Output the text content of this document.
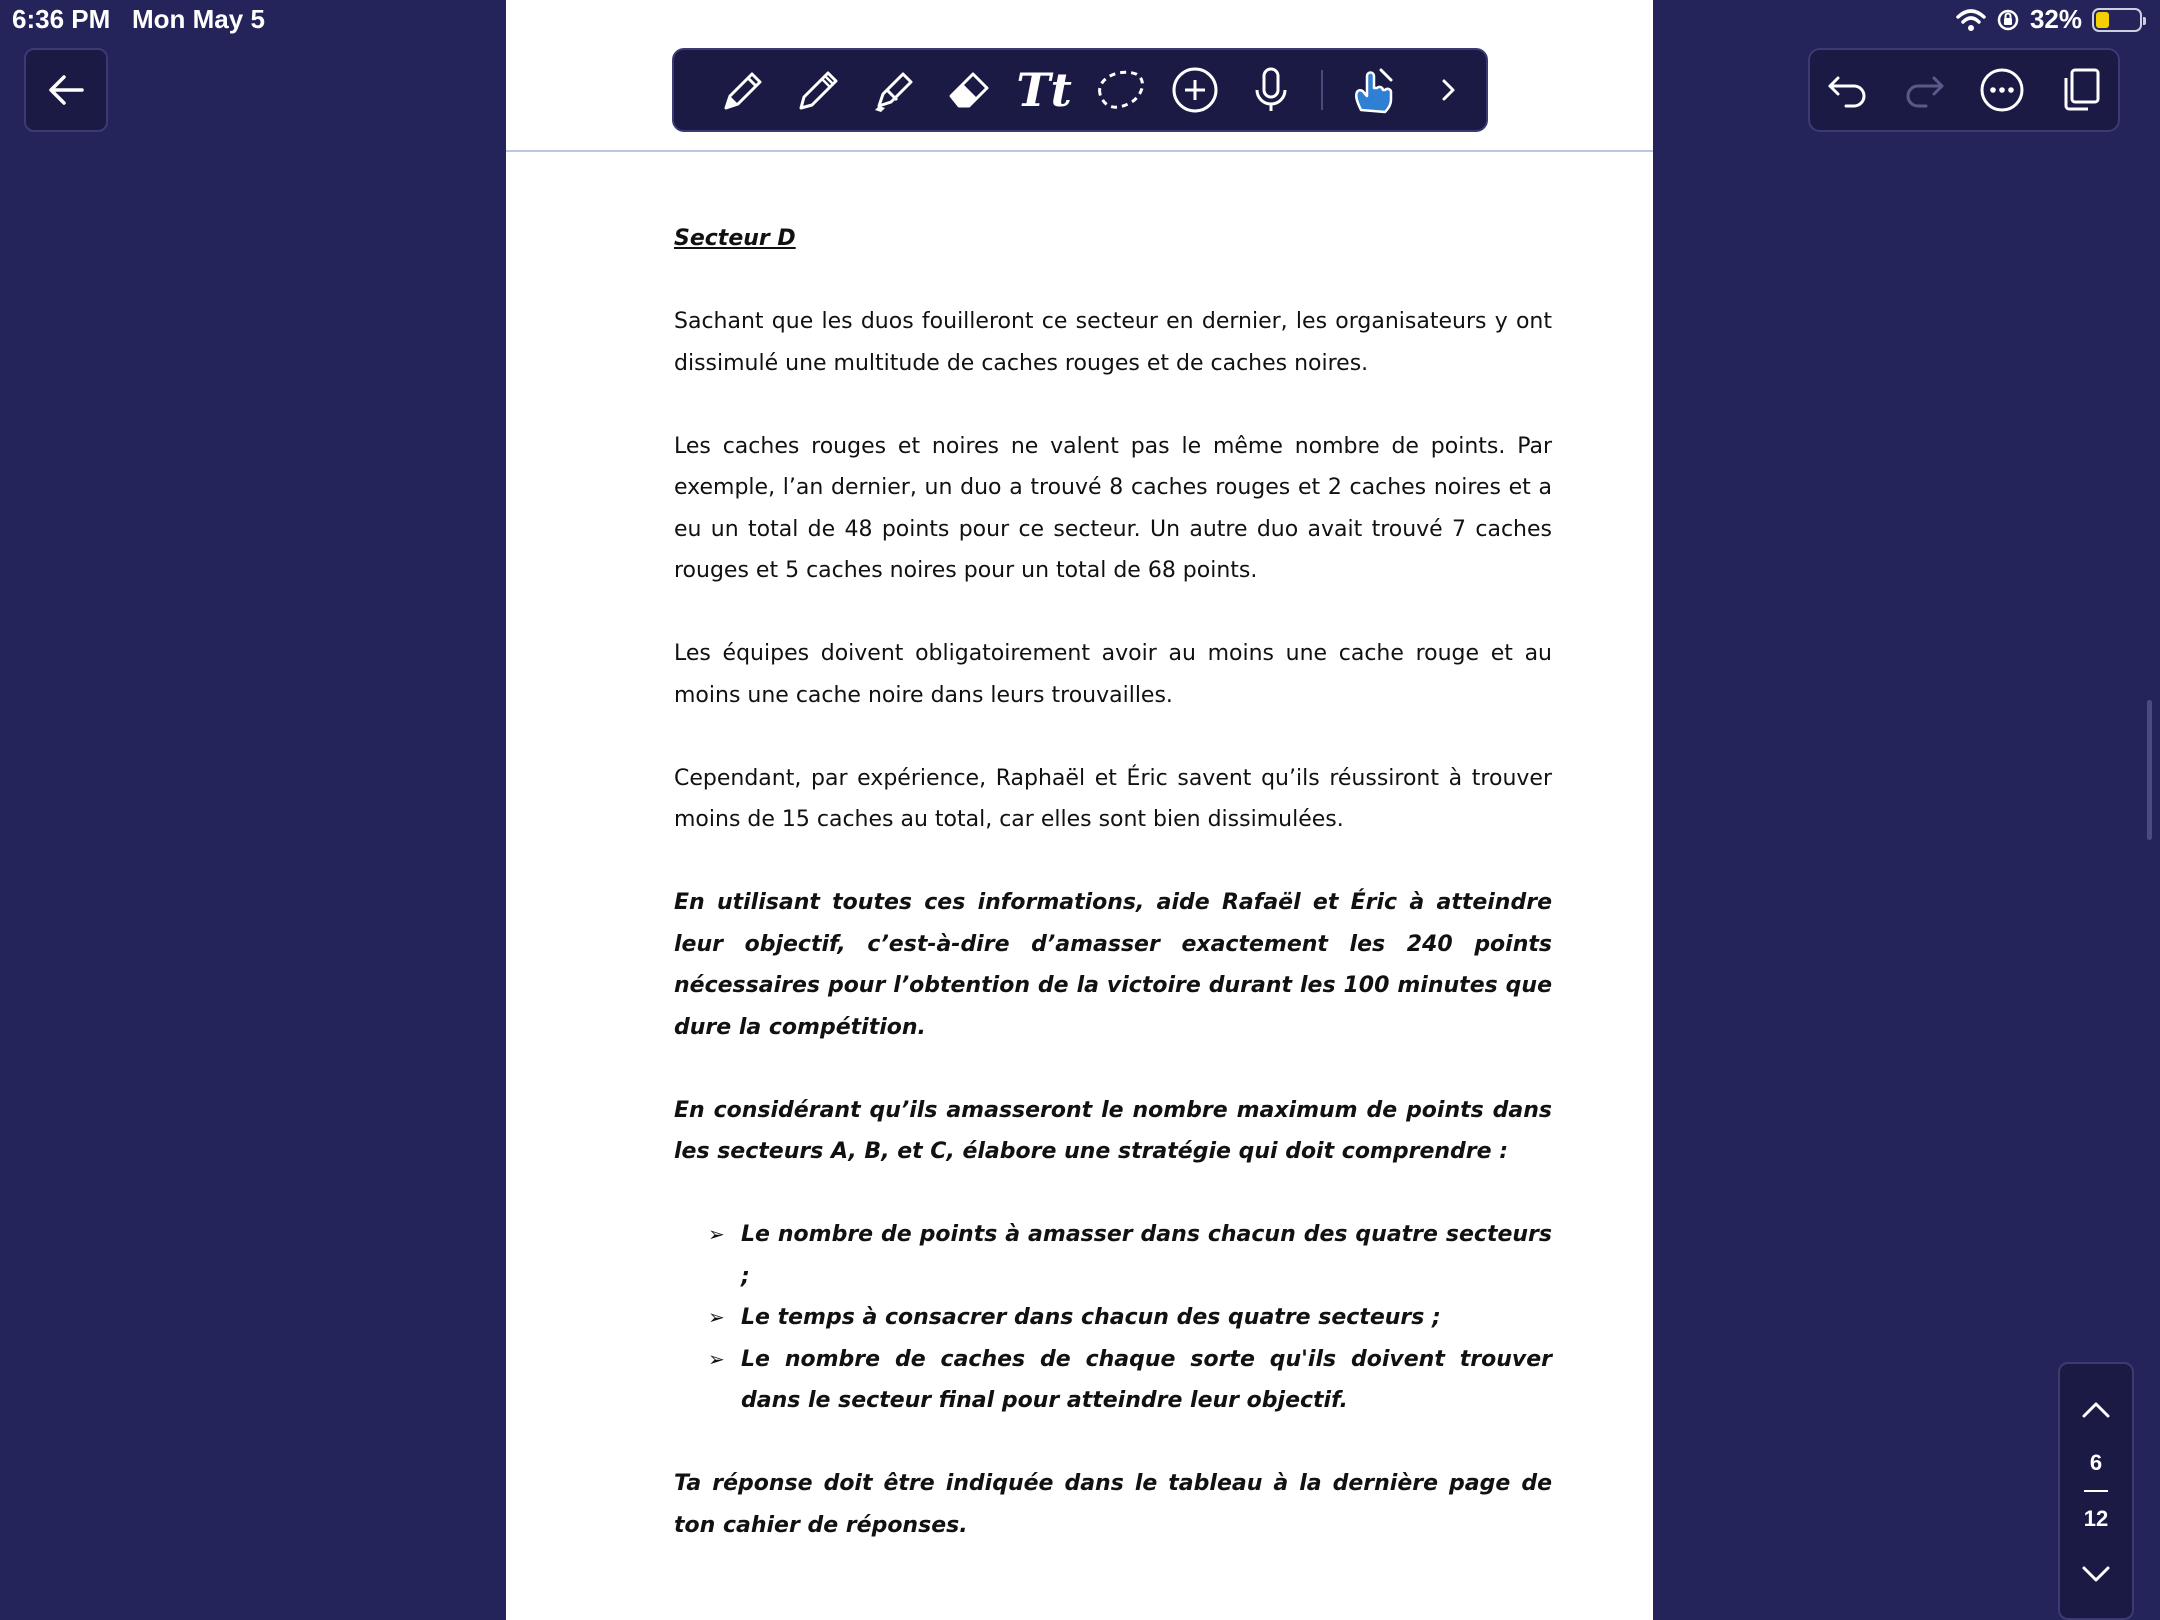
6:36 PM Mon May 5	32%
Tt
Secteur D

Sachant que les duos fouilleront ce secteur en dernier, les organisateurs y ont dissimulé une multitude de caches rouges et de caches noires.

Les caches rouges et noires ne valent pas le même nombre de points. Par exemple, l’an dernier, un duo a trouvé 8 caches rouges et 2 caches noires et a eu un total de 48 points pour ce secteur. Un autre duo avait trouvé 7 caches rouges et 5 caches noires pour un total de 68 points.

Les équipes doivent obligatoirement avoir au moins une cache rouge et au moins une cache noire dans leurs trouvailles.

Cependant, par expérience, Raphaël et Éric savent qu’ils réussiront à trouver moins de 15 caches au total, car elles sont bien dissimulées.

En utilisant toutes ces informations, aide Rafaël et Éric à atteindre leur objectif, c’est-à-dire d’amasser exactement les 240 points nécessaires pour l’obtention de la victoire durant les 100 minutes que dure la compétition.

En considérant qu’ils amasseront le nombre maximum de points dans les secteurs A, B, et C, élabore une stratégie qui doit comprendre :

➢ Le nombre de points à amasser dans chacun des quatre secteurs ;
➢ Le temps à consacrer dans chacun des quatre secteurs ;
➢ Le nombre de caches de chaque sorte qu'ils doivent trouver dans le secteur final pour atteindre leur objectif.

Ta réponse doit être indiquée dans le tableau à la dernière page de ton cahier de réponses.

6
12
